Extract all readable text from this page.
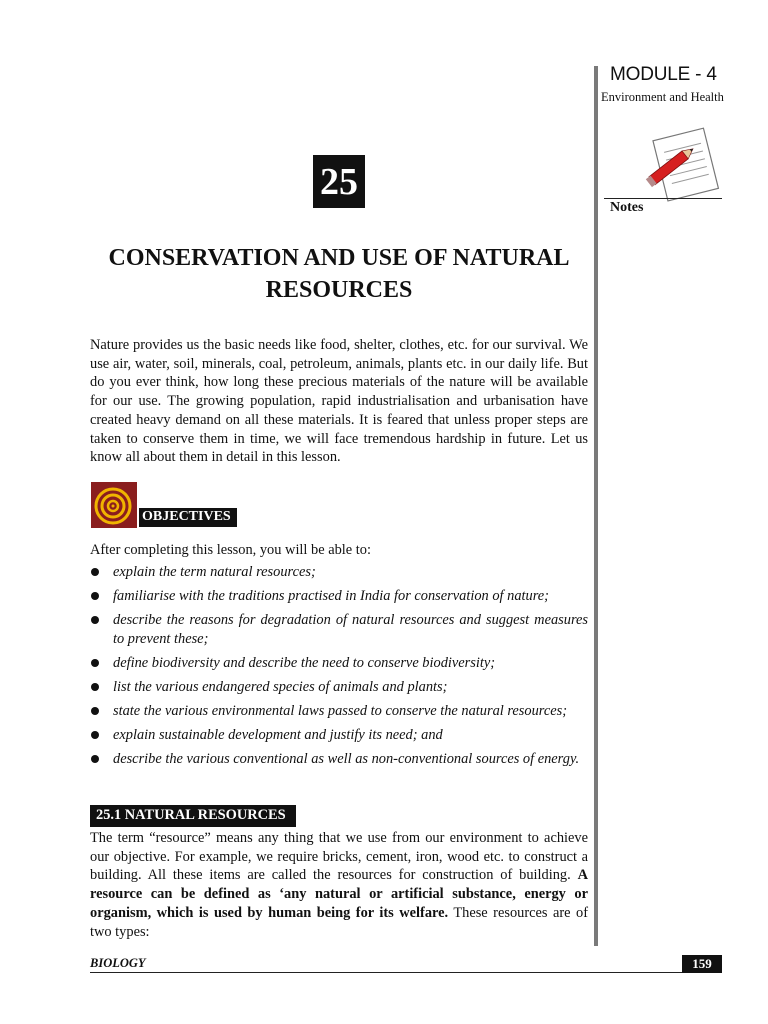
MODULE - 4
Environment and Health
Notes
25
CONSERVATION AND USE OF NATURAL
RESOURCES
Nature provides us the basic needs like food, shelter, clothes, etc. for our survival. We use air, water, soil, minerals, coal, petroleum, animals, plants etc. in our daily life. But do you ever think, how long these precious materials of the nature will be available for our use. The growing population, rapid industrialisation and urbanisation have created heavy demand on all these materials. It is feared that unless proper steps are taken to conserve them in time, we will face tremendous hardship in future. Let us know all about them in detail in this lesson.
OBJECTIVES
After completing this lesson, you will be able to:
explain the term natural resources;
familiarise with the traditions practised in India for conservation of nature;
describe the reasons for degradation of natural resources and suggest measures to prevent these;
define biodiversity and describe the need to conserve biodiversity;
list the various endangered species of animals and plants;
state the various environmental laws passed to conserve the natural resources;
explain sustainable development and justify its need; and
describe the various conventional as well as non-conventional sources of energy.
25.1 NATURAL RESOURCES
The term “resource” means any thing that we use from our environment to achieve our objective. For example, we require bricks, cement, iron, wood etc. to construct a building. All these items are called the resources for construction of building. A resource can be defined as ‘any natural or artificial substance, energy or organism, which is used by human being for its welfare. These resources are of two types:
BIOLOGY	159
